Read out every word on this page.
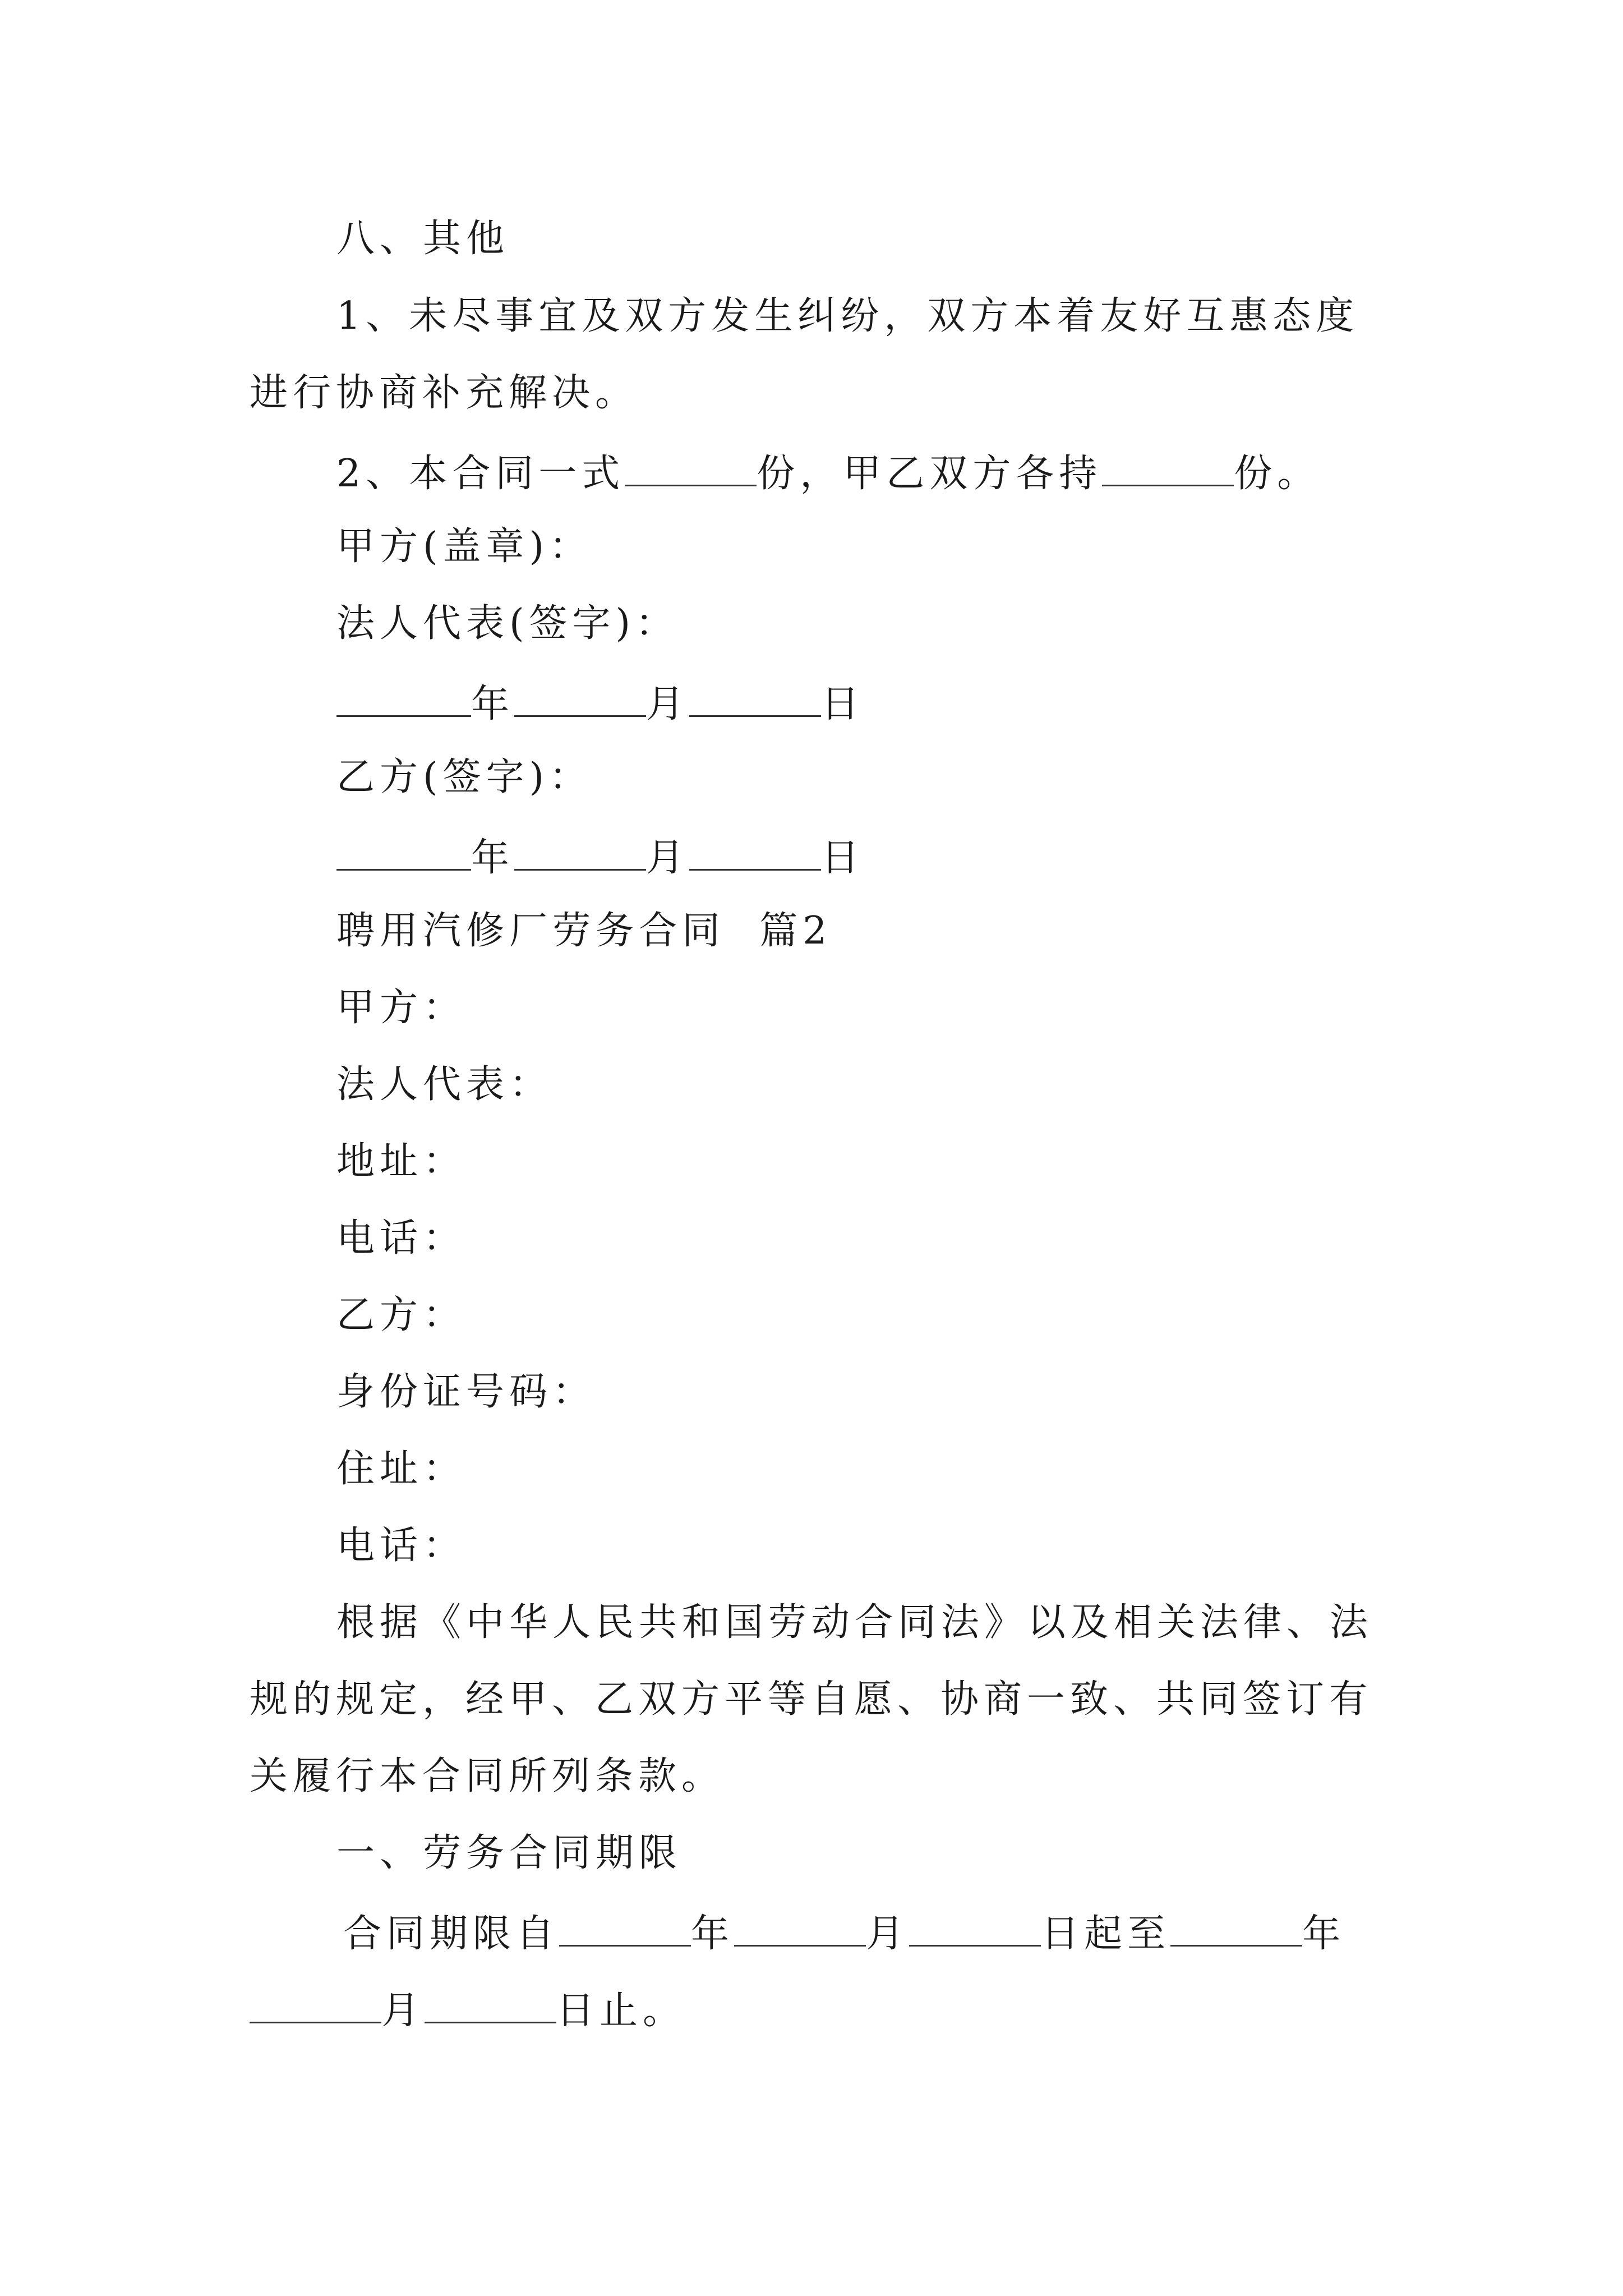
八、其他
1、未尽事宜及双方发生纠纷，双方本着友好互惠态度
进行协商补充解决。
2、本合同一式	份，甲乙双方各持	份。
甲方(盖章)：
法人代表(签字)：
年	月	日
乙方(签字)：
年	月	日
聘用汽修厂劳务合同  篇2
甲方：
法人代表：
地址：
电话：
乙方：
身份证号码：
住址：
电话：
根据《中华人民共和国劳动合同法》以及相关法律、法
规的规定，经甲、乙双方平等自愿、协商一致、共同签订有
关履行本合同所列条款。
一、劳务合同期限
合同期限自	年	月	日起至	年
月	日止。
